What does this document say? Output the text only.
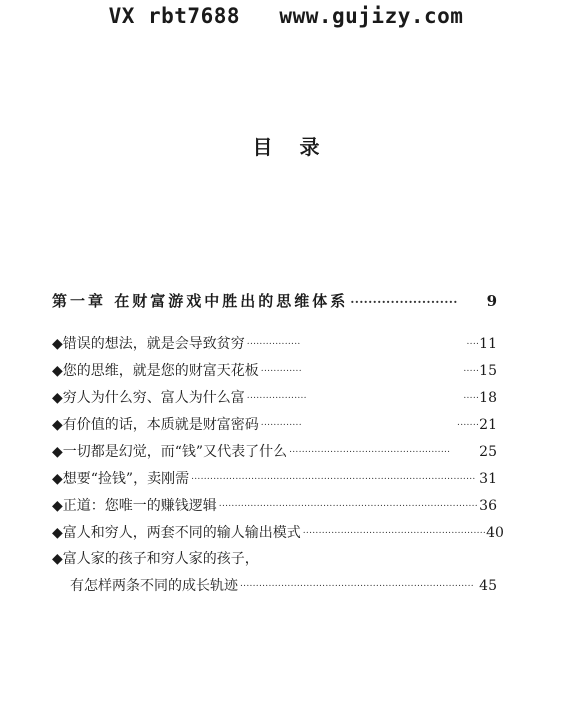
VX rbt7688   www.gujizy.com
目 录
第一章 在财富游戏中胜出的思维体系 ........................	9
◆错误的想法，就是会导致贫穷 .................	.... 11
◆您的思维，就是您的财富天花板 .............	..... 15
◆穷人为什么穷、富人为什么富 ...................	..... 18
◆有价值的话，本质就是财富密码 .............	....... 21
◆一切都是幻觉，而“钱”又代表了什么 ................................................... 25
◆想要“捡钱”，卖刚需 .......................................................................................... 31
◆正道：您唯一的赚钱逻辑 .................................................................................. 36
◆富人和穷人，两套不同的输人输出模式 .......................................................... 40
◆富人家的孩子和穷人家的孩子，
有怎样两条不同的成长轨迹 .......................................................................... 45
